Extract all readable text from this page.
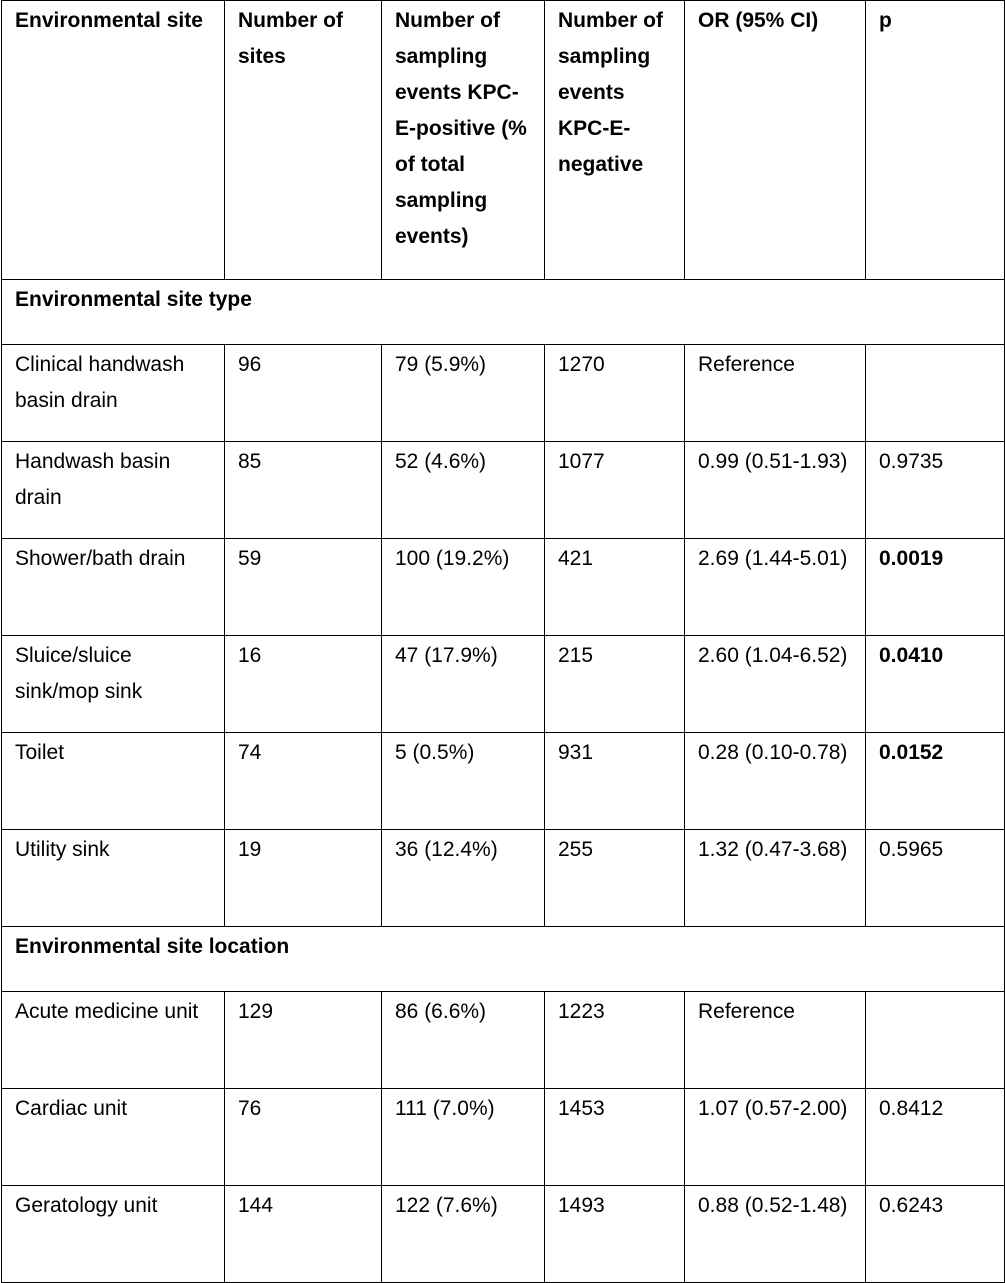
Environmental site	Number of sites	Number of sampling events KPC-E-positive (% of total sampling events)	Number of sampling events KPC-E-negative	OR (95% CI)	p
Environmental site type					
Clinical handwash basin drain	96	79 (5.9%)	1270	Reference	
Handwash basin drain	85	52 (4.6%)	1077	0.99 (0.51-1.93)	0.9735
Shower/bath drain	59	100 (19.2%)	421	2.69 (1.44-5.01)	0.0019
Sluice/sluice sink/mop sink	16	47 (17.9%)	215	2.60 (1.04-6.52)	0.0410
Toilet	74	5 (0.5%)	931	0.28 (0.10-0.78)	0.0152
Utility sink	19	36 (12.4%)	255	1.32 (0.47-3.68)	0.5965
Environmental site location					
Acute medicine unit	129	86 (6.6%)	1223	Reference	
Cardiac unit	76	111 (7.0%)	1453	1.07 (0.57-2.00)	0.8412
Geratology unit	144	122 (7.6%)	1493	0.88 (0.52-1.48)	0.6243
